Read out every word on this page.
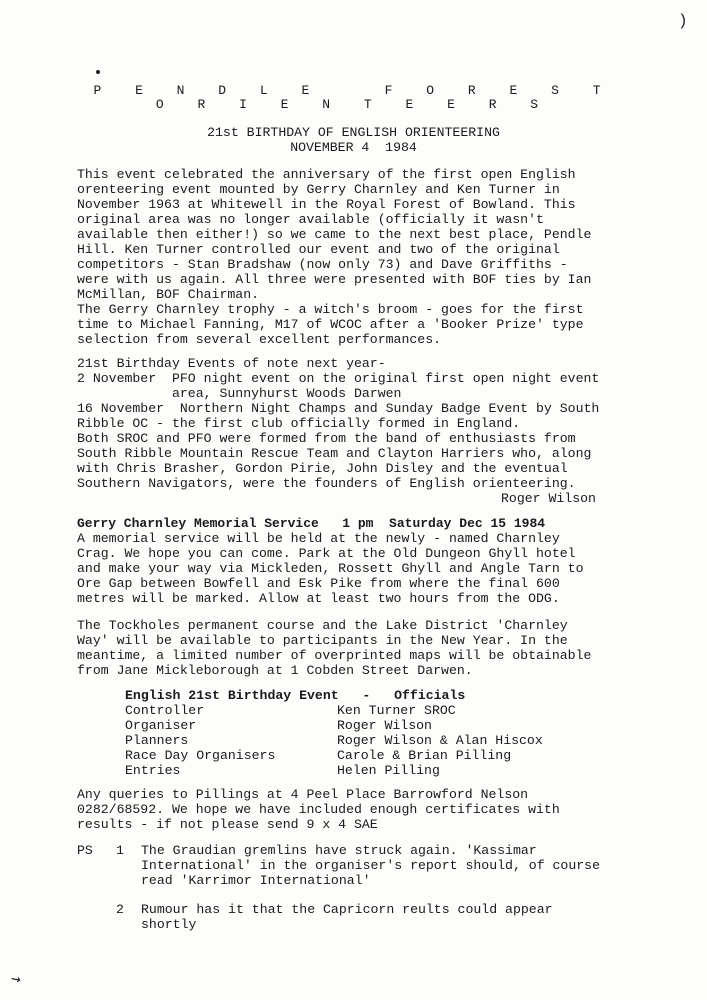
)
↘
P E N D L E   F O R E S T
O R I E N T E E R S
21st BIRTHDAY OF ENGLISH ORIENTEERING
NOVEMBER 4  1984
This event celebrated the anniversary of the first open English
orenteering event mounted by Gerry Charnley and Ken Turner in
November 1963 at Whitewell in the Royal Forest of Bowland. This
original area was no longer available (officially it wasn't
available then either!) so we came to the next best place, Pendle
Hill. Ken Turner controlled our event and two of the original
competitors - Stan Bradshaw (now only 73) and Dave Griffiths -
were with us again. All three were presented with BOF ties by Ian
McMillan, BOF Chairman.
The Gerry Charnley trophy - a witch's broom - goes for the first
time to Michael Fanning, M17 of WCOC after a 'Booker Prize' type
selection from several excellent performances.
21st Birthday Events of note next year-
2 November  PFO night event on the original first open night event
area, Sunnyhurst Woods Darwen
16 November  Northern Night Champs and Sunday Badge Event by South
Ribble OC - the first club officially formed in England.
Both SROC and PFO were formed from the band of enthusiasts from
South Ribble Mountain Rescue Team and Clayton Harriers who, along
with Chris Brasher, Gordon Pirie, John Disley and the eventual
Southern Navigators, were the founders of English orienteering.
Roger Wilson
Gerry Charnley Memorial Service   1 pm  Saturday Dec 15 1984
A memorial service will be held at the newly - named Charnley
Crag. We hope you can come. Park at the Old Dungeon Ghyll hotel
and make your way via Mickleden, Rossett Ghyll and Angle Tarn to
Ore Gap between Bowfell and Esk Pike from where the final 600
metres will be marked. Allow at least two hours from the ODG.
The Tockholes permanent course and the Lake District 'Charnley
Way' will be available to participants in the New Year. In the
meantime, a limited number of overprinted maps will be obtainable
from Jane Mickleborough at 1 Cobden Street Darwen.
English 21st Birthday Event   -   Officials
Controller	Ken Turner SROC
Organiser	Roger Wilson
Planners	Roger Wilson & Alan Hiscox
Race Day Organisers	Carole & Brian Pilling
Entries	Helen Pilling
Any queries to Pillings at 4 Peel Place Barrowford Nelson
0282/68592. We hope we have included enough certificates with
results - if not please send 9 x 4 SAE
PS 1 The Graudian gremlins have struck again. 'Kassimar
International' in the organiser's report should, of course
read 'Karrimor International'
2 Rumour has it that the Capricorn reults could appear
shortly
